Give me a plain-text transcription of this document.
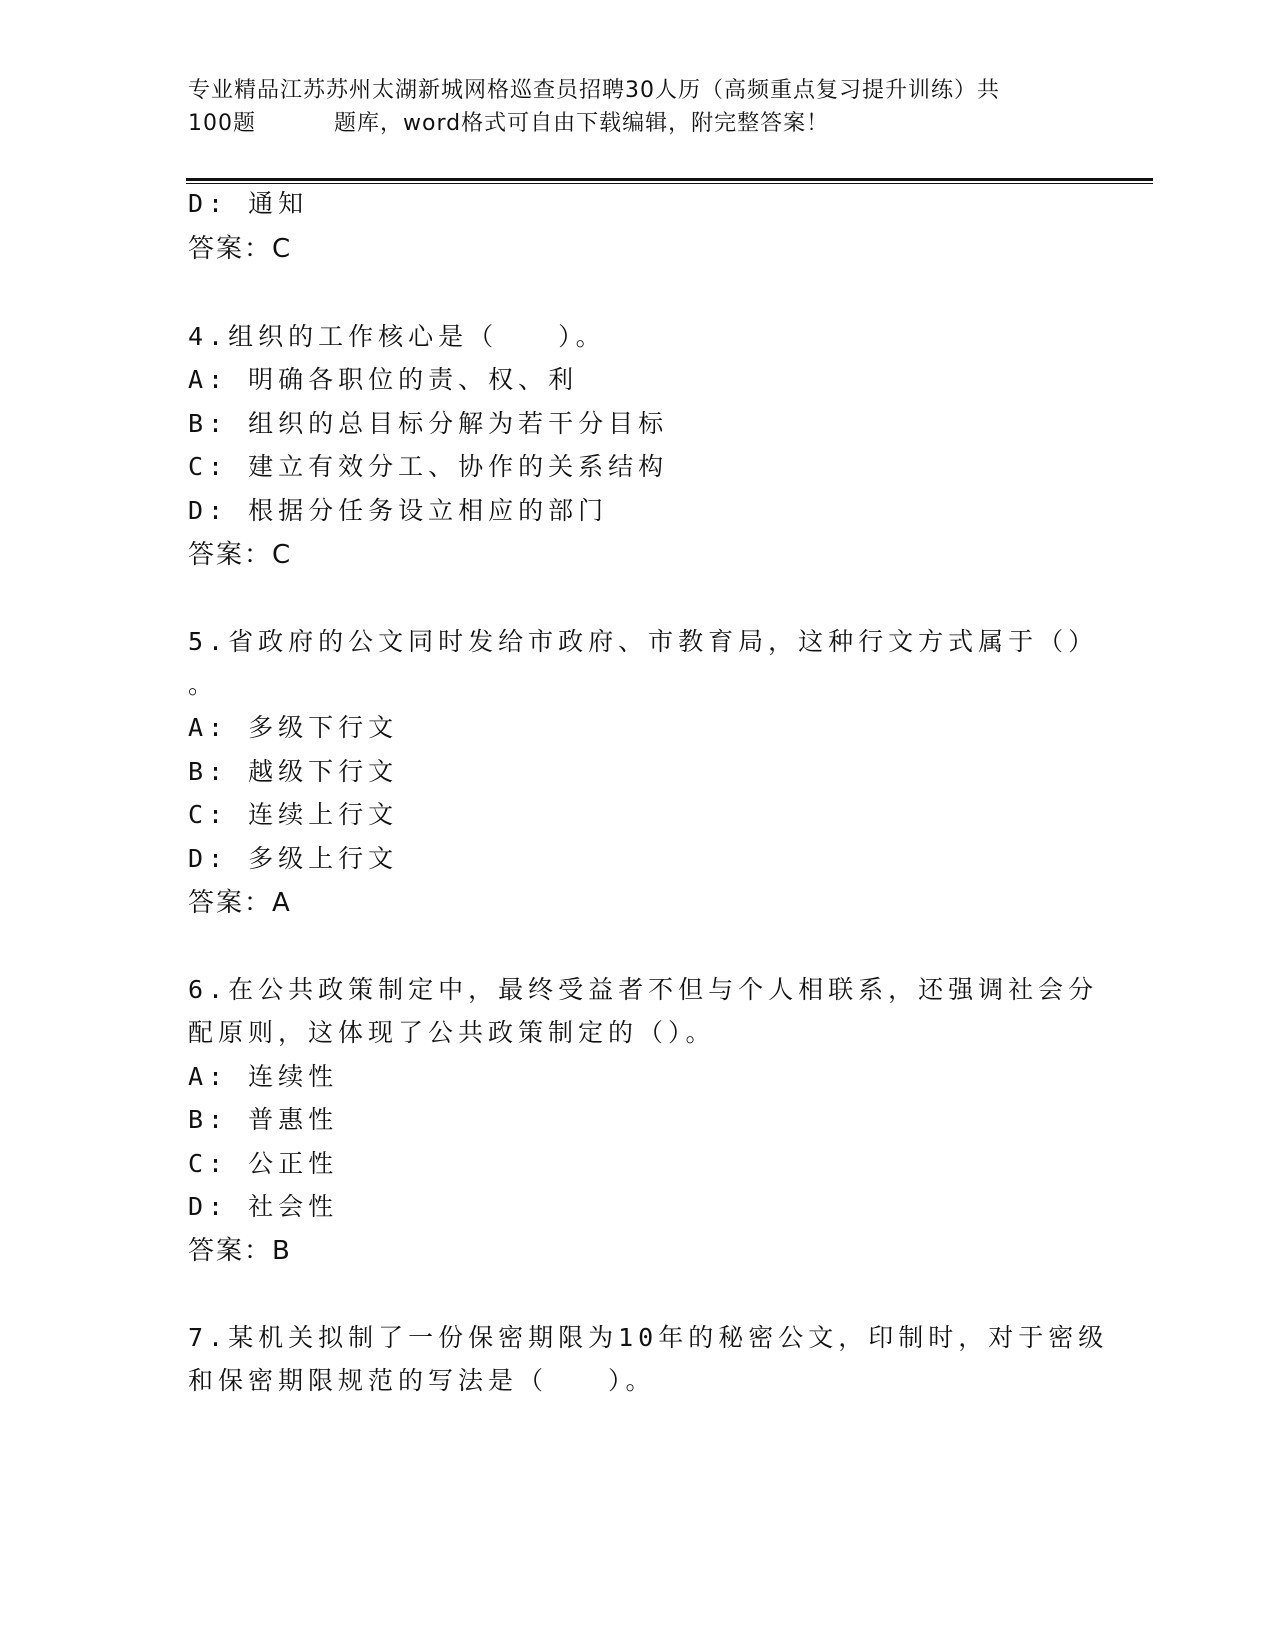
专业精品江苏苏州太湖新城网格巡查员招聘30人历（高频重点复习提升训练）共
100题	题库，word格式可自由下载编辑，附完整答案！
D: 通知
答案：C
4.组织的工作核心是（　　）。
A: 明确各职位的责、权、利
B: 组织的总目标分解为若干分目标
C: 建立有效分工、协作的关系结构
D: 根据分任务设立相应的部门
答案：C
5.省政府的公文同时发给市政府、市教育局，这种行文方式属于（）
。
A: 多级下行文
B: 越级下行文
C: 连续上行文
D: 多级上行文
答案：A
6.在公共政策制定中，最终受益者不但与个人相联系，还强调社会分
配原则，这体现了公共政策制定的（）。
A: 连续性
B: 普惠性
C: 公正性
D: 社会性
答案：B
7.某机关拟制了一份保密期限为10年的秘密公文，印制时，对于密级
和保密期限规范的写法是（　　）。
